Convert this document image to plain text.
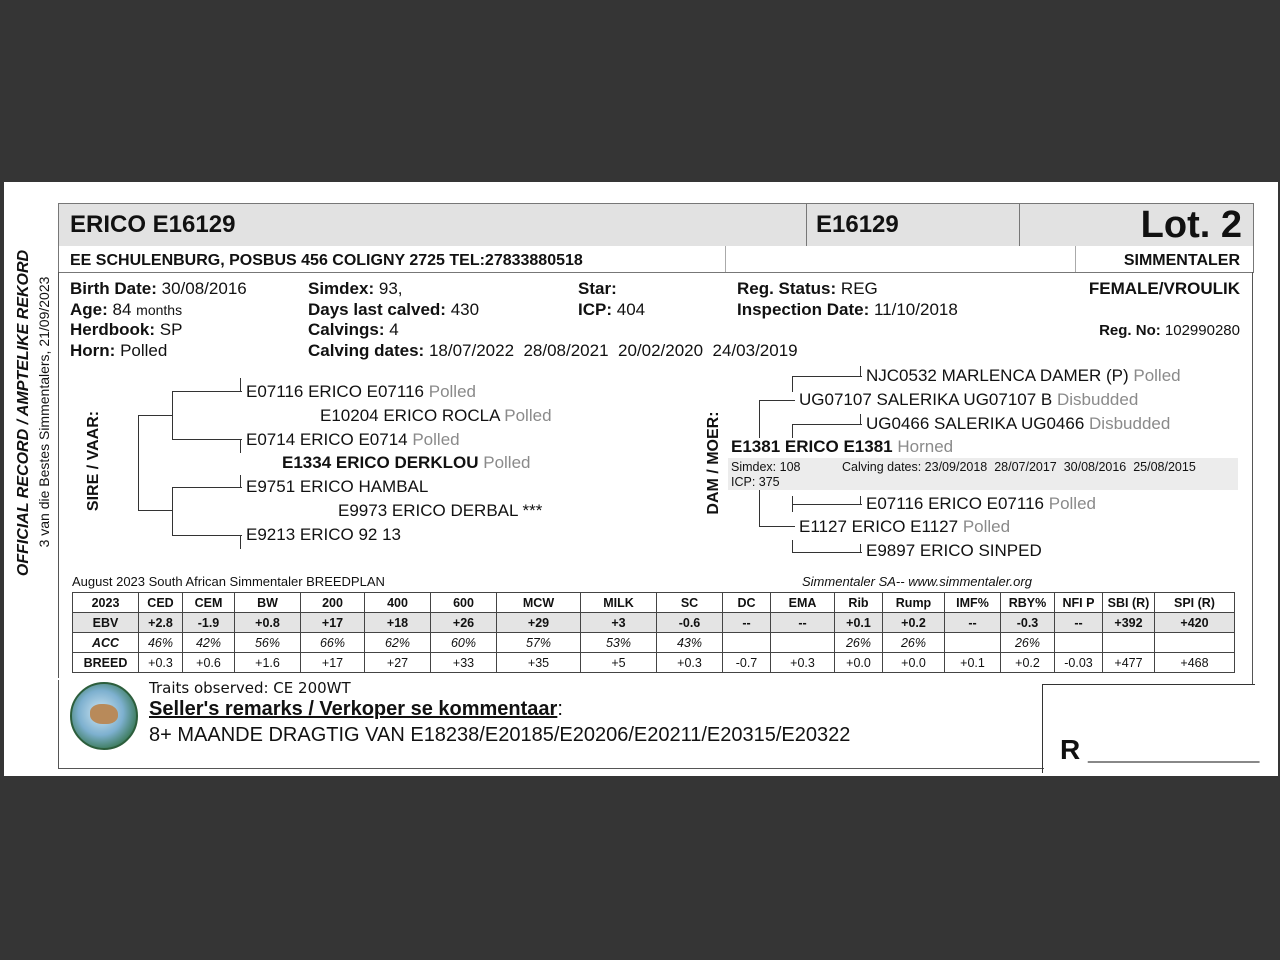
OFFICIAL RECORD / AMPTELIKE REKORD 3 van die Bestes Simmentalers, 21/09/2023
ERICO E16129	E16129	Lot. 2
EE SCHULENBURG, POSBUS 456 COLIGNY 2725 TEL:27833880518	SIMMENTALER
Birth Date: 30/08/2016
Age: 84 months
Herdbook: SP
Horn: Polled
Simdex: 93,
Days last calved: 430
Calvings: 4
Calving dates: 18/07/2022  28/08/2021  20/02/2020  24/03/2019
Star:
ICP: 404
Reg. Status: REG
Inspection Date: 11/10/2018
FEMALE/VROULIK
Reg. No: 102990280
SIRE / VAAR:
E07116 ERICO E07116 Polled
E10204 ERICO ROCLA Polled
E0714 ERICO E0714 Polled
E1334 ERICO DERKLOU Polled
E9751 ERICO HAMBAL
E9973 ERICO DERBAL ***
E9213 ERICO 92 13
DAM / MOER:
NJC0532 MARLENCA DAMER (P) Polled
UG07107 SALERIKA UG07107 B Disbudded
UG0466 SALERIKA UG0466 Disbudded
E1381 ERICO E1381 Horned
Simdex: 108	Calving dates: 23/09/2018  28/07/2017  30/08/2016  25/08/2015
ICP: 375
E07116 ERICO E07116 Polled
E1127 ERICO E1127 Polled
E9897 ERICO SINPED
August 2023 South African Simmentaler BREEDPLAN	Simmentaler SA-- www.simmentaler.org
2023	CED	CEM	BW	200	400	600	MCW	MILK	SC	DC	EMA	Rib	Rump	IMF%	RBY%	NFI P	SBI (R)	SPI (R)
EBV	+2.8	-1.9	+0.8	+17	+18	+26	+29	+3	-0.6	--	--	+0.1	+0.2	--	-0.3	--	+392	+420
ACC	46%	42%	56%	66%	62%	60%	57%	53%	43%			26%	26%		26%			
BREED	+0.3	+0.6	+1.6	+17	+27	+33	+35	+5	+0.3	-0.7	+0.3	+0.0	+0.0	+0.1	+0.2	-0.03	+477	+468
Traits observed: CE 200WT
Seller's remarks / Verkoper se kommentaar:
8+ MAANDE DRAGTIG VAN E18238/E20185/E20206/E20211/E20315/E20322	R ___________
